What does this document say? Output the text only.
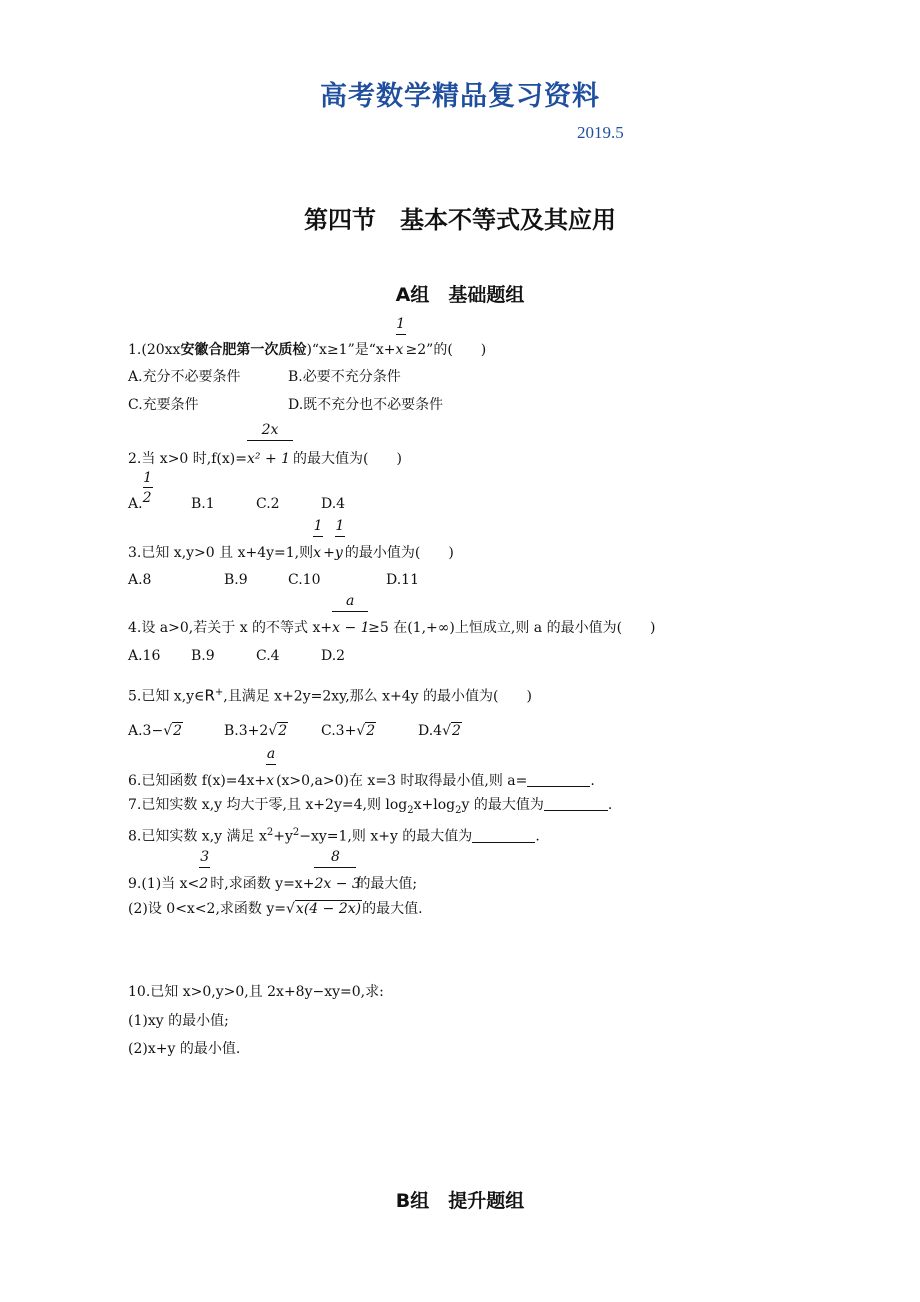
高考数学精品复习资料
2019.5
第四节　基本不等式及其应用
A组　基础题组
1.(20xx安徽合肥第一次质检)“x≥1”是“$x+ \frac{1}{x}\ge 2$”的(　　)
A.充分不必要条件	B.必要不充分条件
C.充要条件	D.既不充分也不必要条件
2.当 x>0 时$,f(x)= \frac{2x}{\text{x² + 1}}$的最大值为(　　)
A. $\frac{1}{2}$	B.1	C.2	D.4
3.已知 x,y>0 且 x+4y=1,则 $\frac{1}{x}+ \frac{1}{y}$的最小值为(　　)
A.8	B.9	C.10	D.11
4.设 a>0,若关于 x 的不等式 $x+ \frac{a}{x - 1}\ge 5$ 在(1,+∞)上恒成立,则 a 的最小值为(　　)
A.16 B.9	C.4	D.2
5.已知 x,y∈R+,且满足 x+2y=2xy,那么 x+4y 的最小值为(　　)
A.3−√2	B.3+2√2 C.3+√2	D.4√2
6.已知函数 $f(x)=4x+ \frac{a}{x}(x>0,a>0)$在 x=3 时取得最小值,则 a=	.
7.已知实数 x,y 均大于零,且 x+2y=4,则 $\log_2x+\log_2y$ 的最大值为	.
8.已知实数 x,y 满足 $x^2+y^2-xy=1$,则 x+y 的最大值为	.
9.(1)当 $x< \frac{3}{2}$时,求函数 $y=x+ \frac{8}{2x - 3}$的最大值;
(2)设 0<x<2,求函数 y=√x(4 − 2x)的最大值.
10.已知 x>0,y>0,且 2x+8y−xy=0,求:
(1)xy 的最小值;
(2)x+y 的最小值.
B组　提升题组
